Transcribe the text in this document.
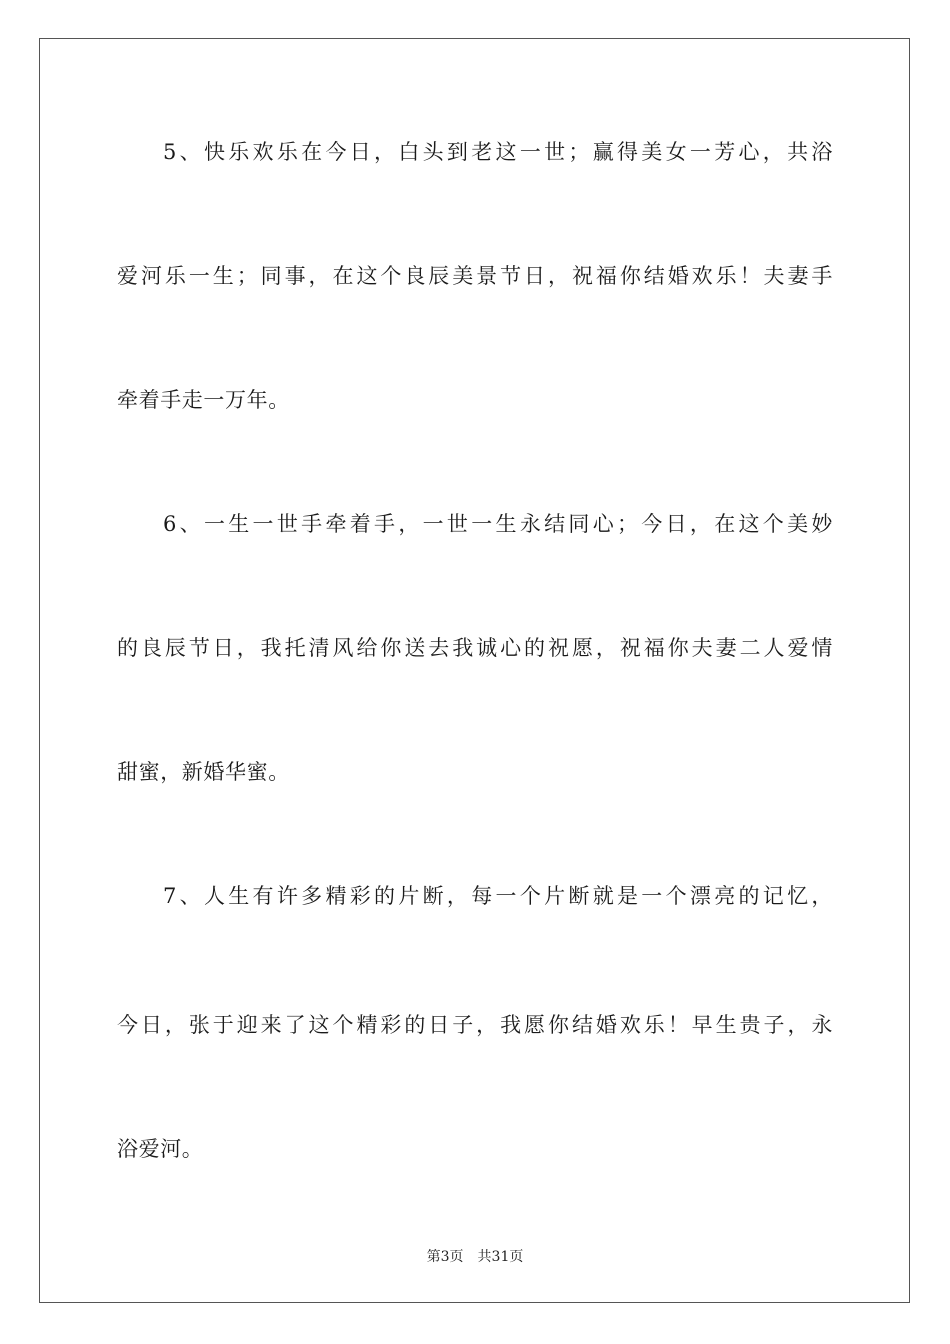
5、快乐欢乐在今日，白头到老这一世；赢得美女一芳心，共浴
爱河乐一生；同事，在这个良辰美景节日，祝福你结婚欢乐！夫妻手
牵着手走一万年。
6、一生一世手牵着手，一世一生永结同心；今日，在这个美妙
的良辰节日，我托清风给你送去我诚心的祝愿，祝福你夫妻二人爱情
甜蜜，新婚华蜜。
7、人生有许多精彩的片断，每一个片断就是一个漂亮的记忆，
今日，张于迎来了这个精彩的日子，我愿你结婚欢乐！早生贵子，永
浴爱河。
第3页 共31页
